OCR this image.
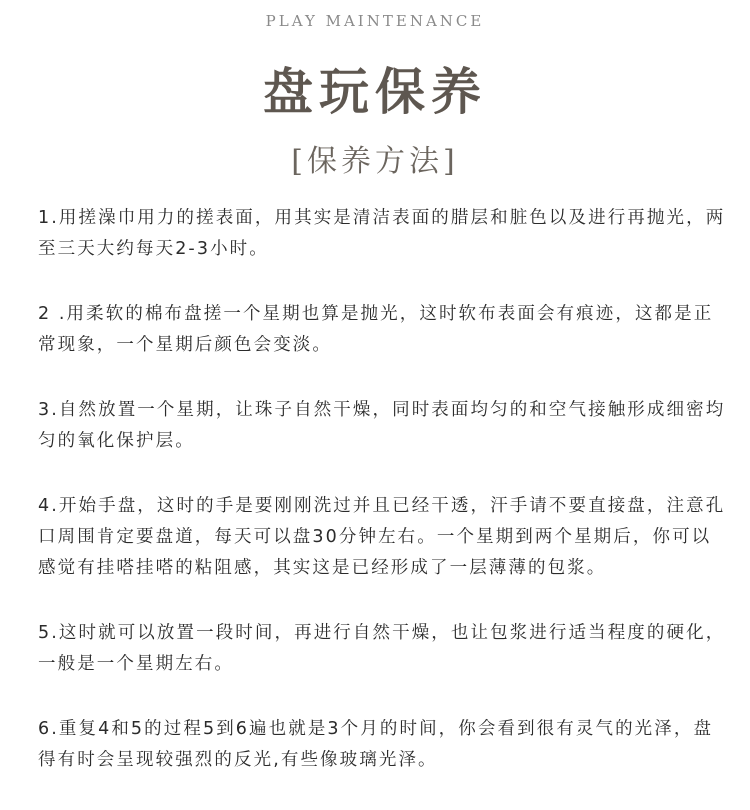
PLAY MAINTENANCE
盘玩保养
[保养方法]

1.用搓澡巾用力的搓表面，用其实是清洁表面的腊层和脏色以及进行再抛光，两至三天大约每天2-3小时。

2 .用柔软的棉布盘搓一个星期也算是抛光，这时软布表面会有痕迹，这都是正常现象，一个星期后颜色会变淡。

3.自然放置一个星期，让珠子自然干燥，同时表面均匀的和空气接触形成细密均匀的氧化保护层。

4.开始手盘，这时的手是要刚刚洗过并且已经干透，汗手请不要直接盘，注意孔口周围肯定要盘道，每天可以盘30分钟左右。一个星期到两个星期后，你可以感觉有挂嗒挂嗒的粘阻感，其实这是已经形成了一层薄薄的包浆。

5.这时就可以放置一段时间，再进行自然干燥，也让包浆进行适当程度的硬化，一般是一个星期左右。

6.重复4和5的过程5到6遍也就是3个月的时间，你会看到很有灵气的光泽，盘得有时会呈现较强烈的反光,有些像玻璃光泽。
